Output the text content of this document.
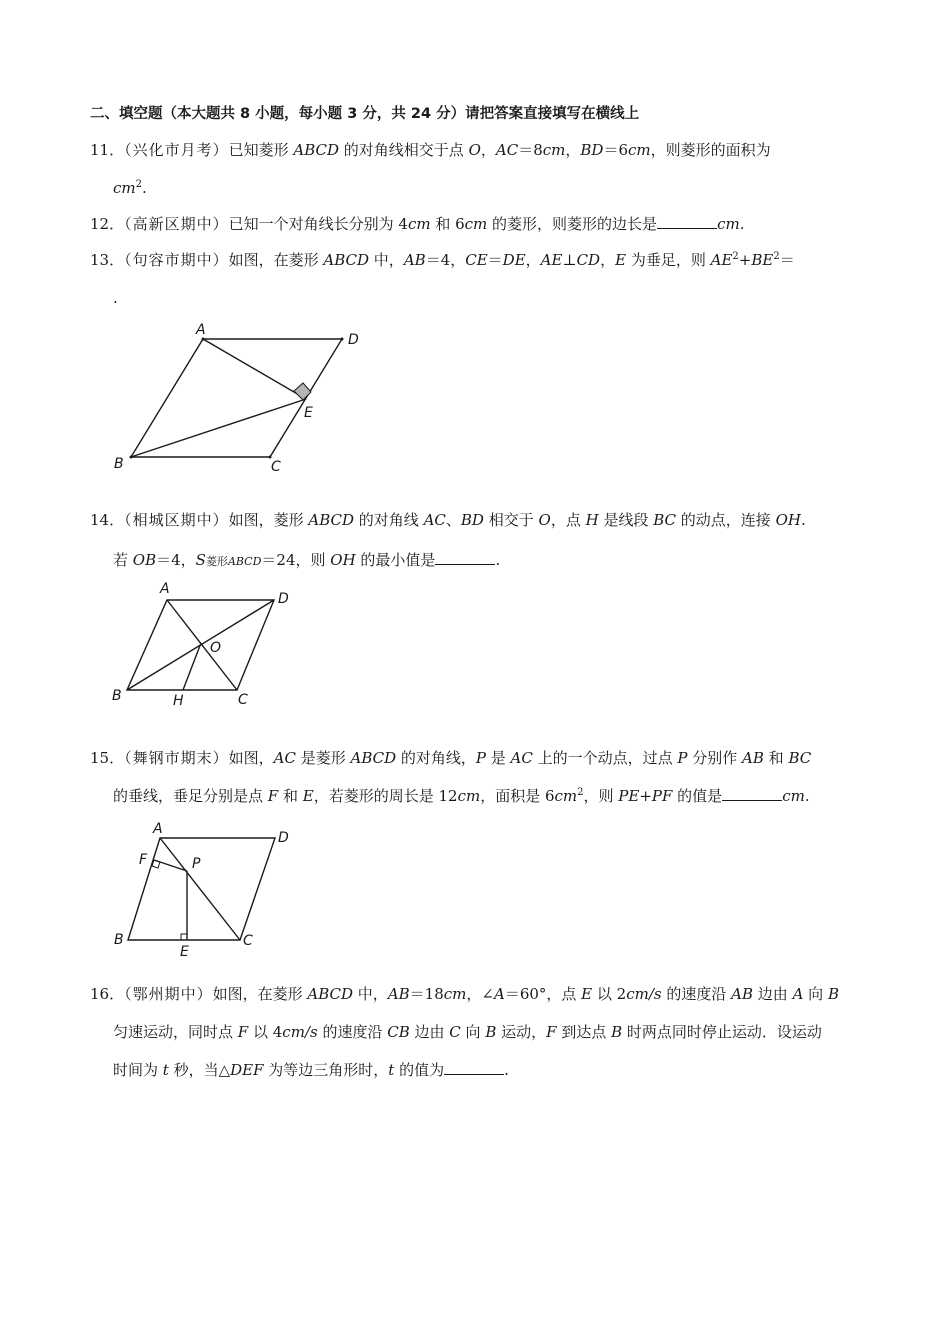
二、填空题（本大题共 8 小题，每小题 3 分，共 24 分）请把答案直接填写在横线上
11．（兴化市月考）已知菱形 ABCD 的对角线相交于点 O，AC＝8cm，BD＝6cm，则菱形的面积为
$cm^2$.
12．（高新区期中）已知一个对角线长分别为 4cm 和 6cm 的菱形，则菱形的边长是	cm.
13．（句容市期中）如图，在菱形 ABCD 中，AB＝4，CE＝DE，AE⊥CD，E 为垂足，则 $AE^2+BE^2=$
.
A
D
E
B	C
14．（相城区期中）如图，菱形 ABCD 的对角线 AC、BD 相交于 O，点 H 是线段 BC 的动点，连接 OH.
若 OB＝4，S菱形ABCD＝24，则 OH 的最小值是	.
A
D
O
B	H	C
15．（舞钢市期末）如图，AC 是菱形 ABCD 的对角线，P 是 AC 上的一个动点，过点 P 分别作 AB 和 BC
的垂线，垂足分别是点 F 和 E，若菱形的周长是 12cm，面积是 $6cm^2$，则 PE+PF 的值是	cm.
A
D
F	P
B
E
C
16．（鄂州期中）如图，在菱形 ABCD 中，AB＝18cm，∠A＝60°，点 E 以 2cm/s 的速度沿 AB 边由 A 向 B
匀速运动，同时点 F 以 4cm/s 的速度沿 CB 边由 C 向 B 运动，F 到达点 B 时两点同时停止运动．设运动
时间为 t 秒，当△DEF 为等边三角形时，t 的值为	.
